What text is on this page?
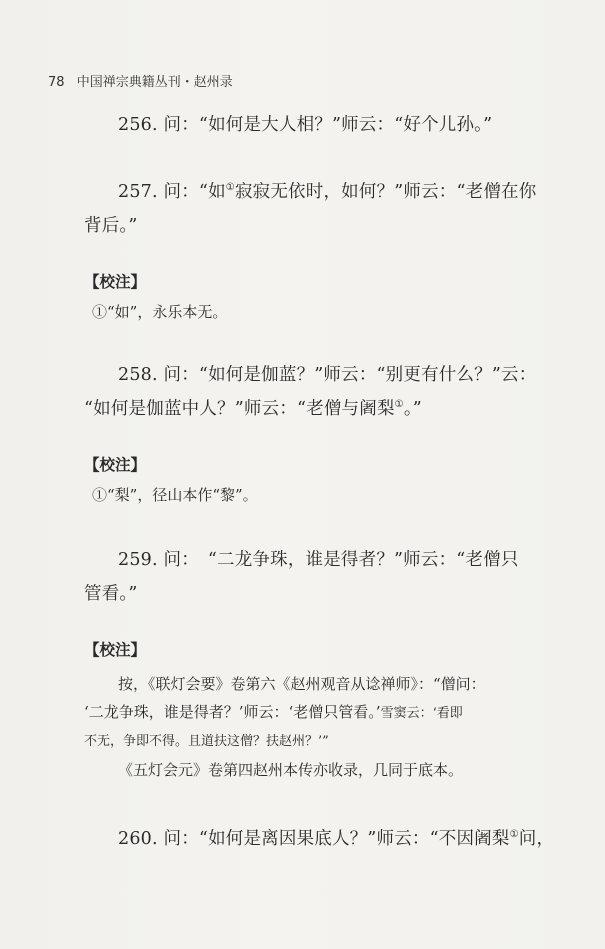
78 中国禅宗典籍丛刊・赵州录
256. 问：“如何是大人相？”师云：“好个儿孙。”
257. 问：“如①寂寂无依时，如何？”师云：“老僧在你
背后。”
【校注】
①“如”，永乐本无。
258. 问：“如何是伽蓝？”师云：“别更有什么？”云：
“如何是伽蓝中人？”师云：“老僧与阇梨①。”
【校注】
①“梨”，径山本作“黎”。
259. 问：　“二龙争珠，谁是得者？”师云：“老僧只
管看。”
【校注】
按，《联灯会要》卷第六《赵州观音从谂禅师》：“僧问：
‘二龙争珠，谁是得者？’师云：‘老僧只管看。’雪窦云：‘看即
不无，争即不得。且道扶这僧？扶赵州？’”
《五灯会元》卷第四赵州本传亦收录，几同于底本。
260. 问：“如何是离因果底人？”师云：“不因阇梨①问，
